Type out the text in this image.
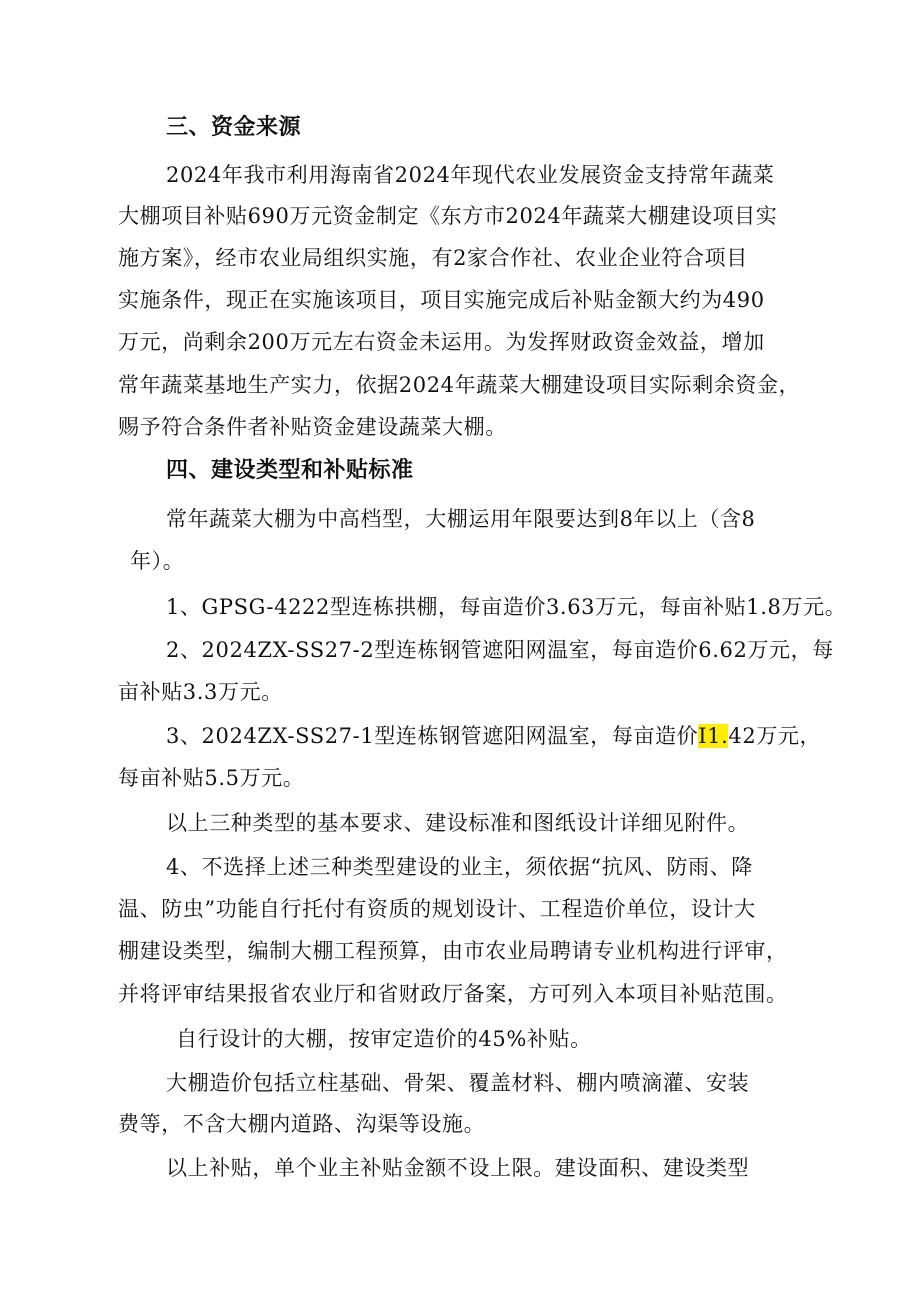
三、资金来源
2024年我市利用海南省2024年现代农业发展资金支持常年蔬菜
大棚项目补贴690万元资金制定《东方市2024年蔬菜大棚建设项目实
施方案》，经市农业局组织实施，有2家合作社、农业企业符合项目
实施条件，现正在实施该项目，项目实施完成后补贴金额大约为490
万元，尚剩余200万元左右资金未运用。为发挥财政资金效益，增加
常年蔬菜基地生产实力，依据2024年蔬菜大棚建设项目实际剩余资金，
赐予符合条件者补贴资金建设蔬菜大棚。
四、建设类型和补贴标准
常年蔬菜大棚为中高档型，大棚运用年限要达到8年以上（含8
年）。
1、GPSG-4222型连栋拱棚，每亩造价3.63万元，每亩补贴1.8万元。
2、2024ZX-SS27-2型连栋钢管遮阳网温室，每亩造价6.62万元，每
亩补贴3.3万元。
3、2024ZX-SS27-1型连栋钢管遮阳网温室，每亩造价I1.42万元，
每亩补贴5.5万元。
以上三种类型的基本要求、建设标准和图纸设计详细见附件。
4、不选择上述三种类型建设的业主，须依据“抗风、防雨、降
温、防虫”功能自行托付有资质的规划设计、工程造价单位，设计大
棚建设类型，编制大棚工程预算，由市农业局聘请专业机构进行评审，
并将评审结果报省农业厅和省财政厅备案，方可列入本项目补贴范围。
自行设计的大棚，按审定造价的45%补贴。
大棚造价包括立柱基础、骨架、覆盖材料、棚内喷滴灌、安装
费等，不含大棚内道路、沟渠等设施。
以上补贴，单个业主补贴金额不设上限。建设面积、建设类型
